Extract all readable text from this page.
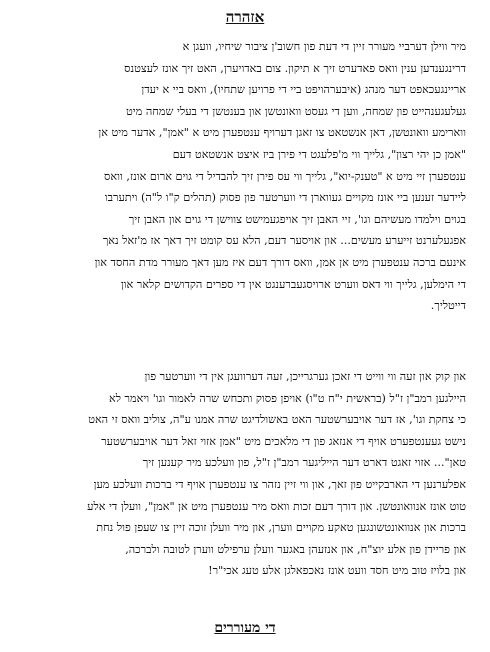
אזהרה
מיר ווילן דערביי מעורר זיין די דעת פון חשוב'ן ציבור שיחיו, וועגן א
דרינגענדען ענין וואס פאדערט זיך א תיקון. צום באדויערן, האט זיך אונז לעצטנס
אריינגעכאפט דער מנהג (איבערהויפט ביי די פרויען שתחיו), וואס ביי א יעדן
געלעגענהייט פון שמחה, ווען די געסט וואונטשן און בענטשן די בעלי שמחה מיט
ווארימע וואונטשן, דאן אנשטאט צו זאגן דערויף ענטפערן מיט א "אמן", אדער מיט אן
"אמן כן יהי רצון", גלייך ווי מ'פלעגט די פירן ביז איצט אנשטאט דעם
ענטפערן זיי מיט א "טענק-יוא", גלייך ווי עס פירן זיך להבדיל די גוים ארום אונז, וואס
ליידער זענען ביי אונז מקויים געווארן די ווערטער פון פסוק (תהלים ק"ו ל"ה) ויתערבו
בגוים וילמדו מעשיהם וגו', זיי האבן זיך אויפגעמישט צווישן די גוים און האבן זיך
אפגעלערנט זייערע מעשים... און אויסער דעם, הלא עס קומט זיך דאך אז מ'זאל נאך
אינעם ברכה ענטפערן מיט אן אמן, וואס דורך דעם איז מען דאך מעורר מדת החסד און
די הימלען, גלייך ווי דאס ווערט ארויסגעברענגט אין די ספרים הקדושים קלאר און
דייטליך.
און קוק און זעה ווי ווייט די זאכן גערגרייכן, זעה דערוועגן אין די ווערטער פון
היילגען רמב"ן ז"ל (בראשית י"ח ט"ו) אויפן פסוק ותכחש שרה לאמור וגו' ויאמר לא
כי צחקת וגו', אז דער אויבערשטער האט באשולדיגט שרה אמנו ע"ה, צוליב וואס זי האט
נישט געענטפערט אויף די אנזאג פון די מלאכים מיט "אמן אזוי זאל דער אויבערשטער
טאן"... אזוי זאגט דארט דער הייליגער רמב"ן ז"ל, פון וועלכע מיר קענען זיך
אפלערנען די הארבקייט פון זאך, און ווי זיין נזהר צו ענטפערן אויף די ברכות וועלכע מען
טוט אונז אנוואונטשן. און דורך דעם זכות וואס מיר ענטפערן מיט אן "אמן", וועלן די אלע
ברכות און אנוואונטשונגען טאקע מקויים ווערן, און מיר וועלן זוכה זיין צו שעפן פול נחת
און פריידן פון אלע יוצ"ח, און אנזעהן באגער וועלן ערפילט ווערן לטובה ולברכה,
און בלויז טוב מיט חסד וועט אונז נאכפאלגן אלע טעג אכי"ר!
די מעוררים
